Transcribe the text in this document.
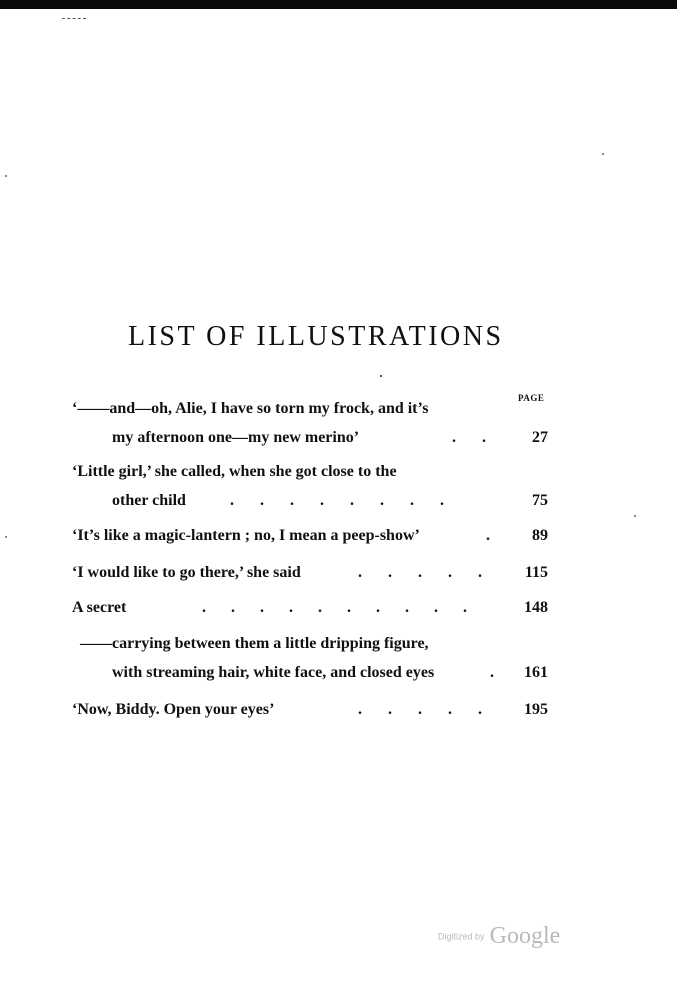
LIST OF ILLUSTRATIONS
PAGE
‘——and—oh, Alie, I have so torn my frock, and it’s
my afternoon one—my new merino’	. .	27
‘Little girl,’ she called, when she got close to the
other child	. . . . . . . .	75
‘It’s like a magic-lantern ; no, I mean a peep-show’	.	89
‘I would like to go there,’ she said	. . . . .	115
A secret	. . . . . . . . . .	148
——carrying between them a little dripping figure,
with streaming hair, white face, and closed eyes	. 161
‘Now, Biddy. Open your eyes’	. . . . .	195
Digitized by Google
